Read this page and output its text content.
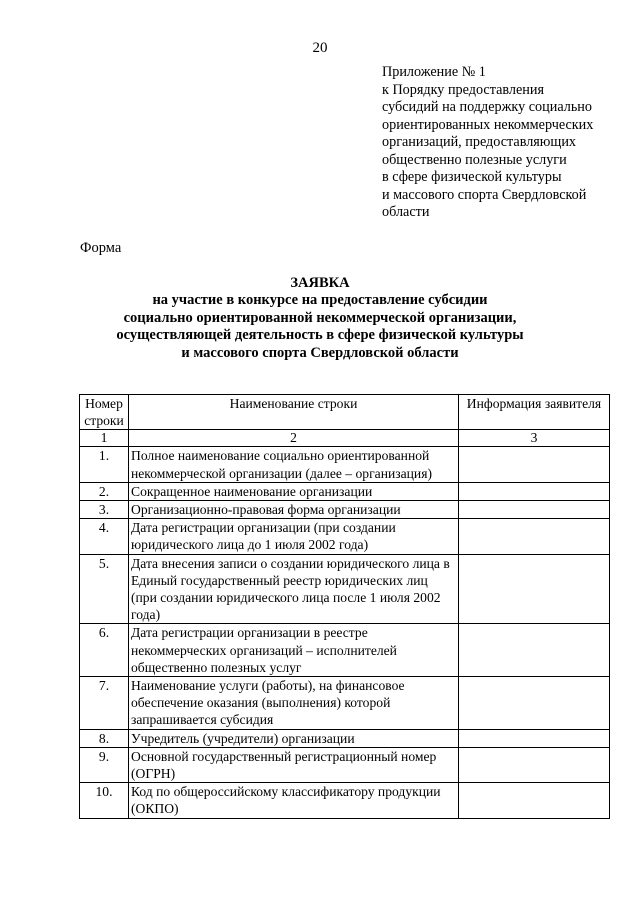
20
Приложение № 1
к Порядку предоставления
субсидий на поддержку социально
ориентированных некоммерческих
организаций, предоставляющих
общественно полезные услуги
в сфере физической культуры
и массового спорта Свердловской
области
Форма
ЗАЯВКА
на участие в конкурсе на предоставление субсидии
социально ориентированной некоммерческой организации,
осуществляющей деятельность в сфере физической культуры
и массового спорта Свердловской области
Номер строки	Наименование строки	Информация заявителя
1	2	3
1.	Полное наименование социально ориентированной некоммерческой организации (далее – организация)	
2.	Сокращенное наименование организации	
3.	Организационно-правовая форма организации	
4.	Дата регистрации организации (при создании юридического лица до 1 июля 2002 года)	
5.	Дата внесения записи о создании юридического лица в Единый государственный реестр юридических лиц (при создании юридического лица после 1 июля 2002 года)	
6.	Дата регистрации организации в реестре некоммерческих организаций – исполнителей общественно полезных услуг	
7.	Наименование услуги (работы), на финансовое обеспечение оказания (выполнения) которой запрашивается субсидия	
8.	Учредитель (учредители) организации	
9.	Основной государственный регистрационный номер (ОГРН)	
10.	Код по общероссийскому классификатору продукции (ОКПО)	
